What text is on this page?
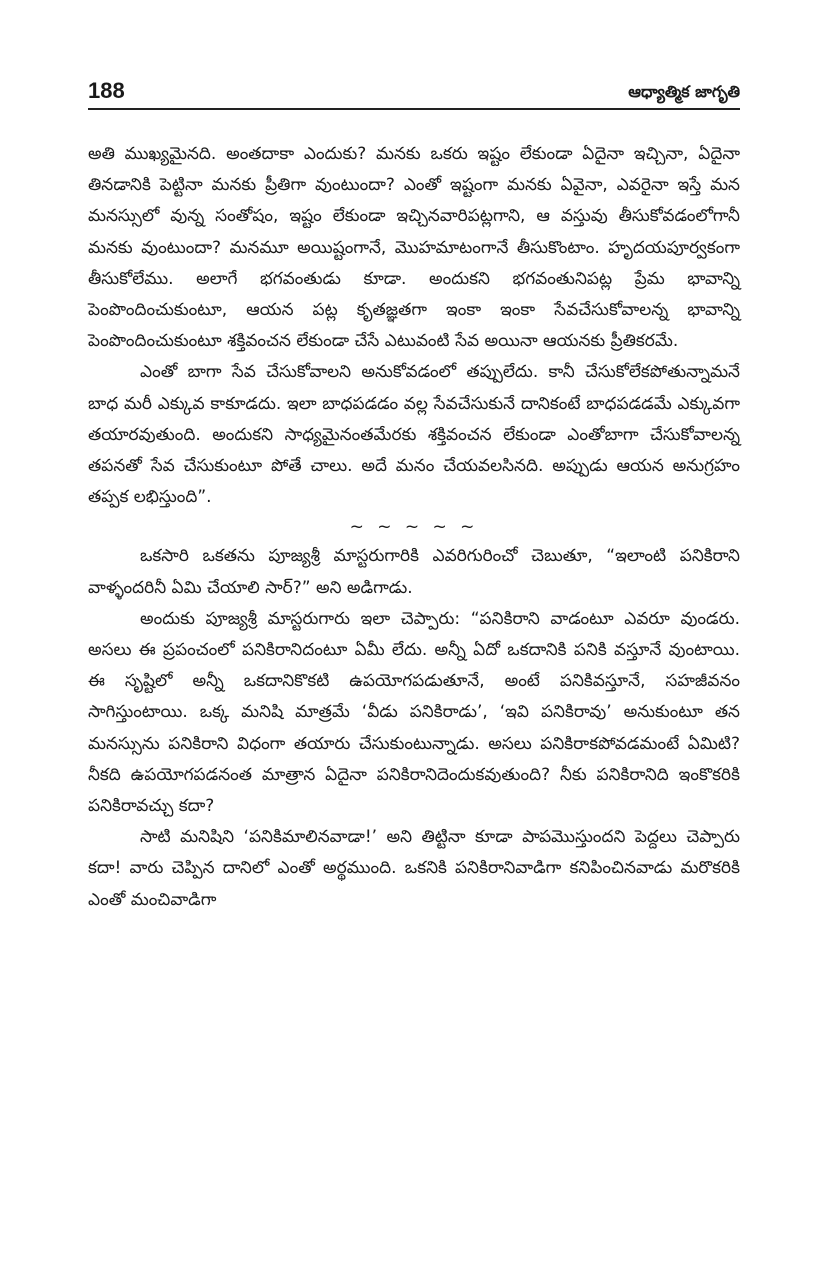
188	ఆధ్యాత్మిక జాగృతి

అతి ముఖ్యమైనది. అంతదాకా ఎందుకు? మనకు ఒకరు ఇష్టం లేకుండా ఏదైనా ఇచ్చినా, ఏదైనా తినడానికి పెట్టినా మనకు ప్రీతిగా వుంటుందా? ఎంతో ఇష్టంగా మనకు ఏవైనా, ఎవరైనా ఇస్తే మన మనస్సులో వున్న సంతోషం, ఇష్టం లేకుండా ఇచ్చినవారిపట్లగాని, ఆ వస్తువు తీసుకోవడంలోగానీ మనకు వుంటుందా? మనమూ అయిష్టంగానే, మొహమాటంగానే తీసుకొంటాం. హృదయపూర్వకంగా తీసుకోలేము. అలాగే భగవంతుడు కూడా. అందుకని భగవంతునిపట్ల ప్రేమ భావాన్ని పెంపొందించుకుంటూ, ఆయన పట్ల కృతజ్ఞతగా ఇంకా ఇంకా సేవచేసుకోవాలన్న భావాన్ని పెంపొందించుకుంటూ శక్తివంచన లేకుండా చేసే ఎటువంటి సేవ అయినా ఆయనకు ప్రీతికరమే.

ఎంతో బాగా సేవ చేసుకోవాలని అనుకోవడంలో తప్పులేదు. కానీ చేసుకోలేకపోతున్నామనే బాధ మరీ ఎక్కువ కాకూడదు. ఇలా బాధపడడం వల్ల సేవచేసుకునే దానికంటే బాధపడడమే ఎక్కువగా తయారవుతుంది. అందుకని సాధ్యమైనంతమేరకు శక్తివంచన లేకుండా ఎంతోబాగా చేసుకోవాలన్న తపనతో సేవ చేసుకుంటూ పోతే చాలు. అదే మనం చేయవలసినది. అప్పుడు ఆయన అనుగ్రహం తప్పక లభిస్తుంది”.

~ ~ ~ ~ ~

ఒకసారి ఒకతను పూజ్యశ్రీ మాస్టరుగారికి ఎవరిగురించో చెబుతూ, “ఇలాంటి పనికిరాని వాళ్ళందరినీ ఏమి చేయాలి సార్?” అని అడిగాడు.

అందుకు పూజ్యశ్రీ మాస్టరుగారు ఇలా చెప్పారు: “పనికిరాని వాడంటూ ఎవరూ వుండరు. అసలు ఈ ప్రపంచంలో పనికిరానిదంటూ ఏమీ లేదు. అన్నీ ఏదో ఒకదానికి పనికి వస్తూనే వుంటాయి. ఈ సృష్టిలో అన్నీ ఒకదానికొకటి ఉపయోగపడుతూనే, అంటే పనికివస్తూనే, సహజీవనం సాగిస్తుంటాయి. ఒక్క మనిషి మాత్రమే ‘వీడు పనికిరాడు’, ‘ఇవి పనికిరావు’ అనుకుంటూ తన మనస్సును పనికిరాని విధంగా తయారు చేసుకుంటున్నాడు. అసలు పనికిరాకపోవడమంటే ఏమిటి? నీకది ఉపయోగపడనంత మాత్రాన ఏదైనా పనికిరానిదెందుకవుతుంది? నీకు పనికిరానిది ఇంకొకరికి పనికిరావచ్చు కదా?

సాటి మనిషిని ‘పనికిమాలినవాడా!’ అని తిట్టినా కూడా పాపమొస్తుందని పెద్దలు చెప్పారు కదా! వారు చెప్పిన దానిలో ఎంతో అర్థముంది. ఒకనికి పనికిరానివాడిగా కనిపించినవాడు మరొకరికి ఎంతో మంచివాడిగా
